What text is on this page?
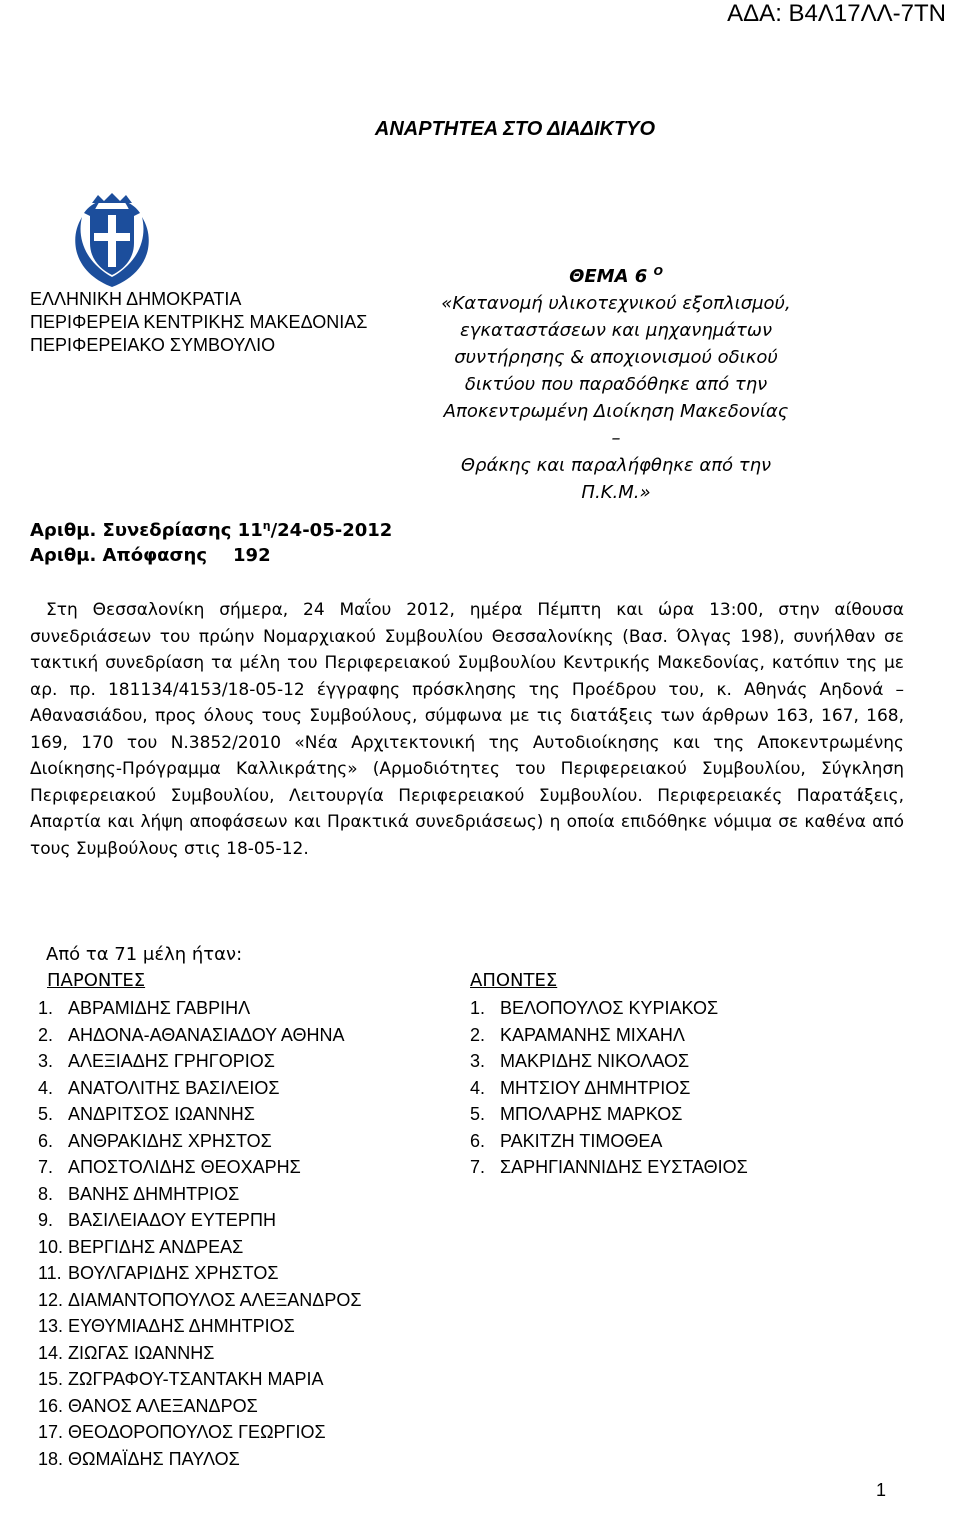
ΑΔΑ: Β4Λ17ΛΛ-7ΤΝ
ΑΝΑΡΤΗΤΕΑ ΣΤΟ ΔΙΑΔΙΚΤΥΟ
ΕΛΛΗΝΙΚΗ ΔΗΜΟΚΡΑΤΙΑ
ΠΕΡΙΦΕΡΕΙΑ ΚΕΝΤΡΙΚΗΣ ΜΑΚΕΔΟΝΙΑΣ
ΠΕΡΙΦΕΡΕΙΑΚΟ ΣΥΜΒΟΥΛΙΟ
ΘΕΜΑ 6 $^O$
«Κατανομή υλικοτεχνικού εξοπλισμού,
εγκαταστάσεων και μηχανημάτων
συντήρησης & αποχιονισμού οδικού
δικτύου που παραδόθηκε από την
Αποκεντρωμένη Διοίκηση Μακεδονίας –
Θράκης και παραλήφθηκε από την
Π.Κ.Μ.»
Αριθμ. Συνεδρίασης $11^\eta/24-05-2012$
Αριθμ. Απόφασης 192
Στη Θεσσαλονίκη σήμερα, 24 Μαΐου 2012, ημέρα Πέμπτη και ώρα 13:00, στην αίθουσα συνεδριάσεων του πρώην Νομαρχιακού Συμβουλίου Θεσσαλονίκης (Βασ. Όλγας 198), συνήλθαν σε τακτική συνεδρίαση τα μέλη του Περιφερειακού Συμβουλίου Κεντρικής Μακεδονίας, κατόπιν της με αρ. πρ. 181134/4153/18-05-12 έγγραφης πρόσκλησης της Προέδρου του, κ. Αθηνάς Αηδονά – Αθανασιάδου, προς όλους τους Συμβούλους, σύμφωνα με τις διατάξεις των άρθρων 163, 167, 168, 169, 170 του Ν.3852/2010 «Νέα Αρχιτεκτονική της Αυτοδιοίκησης και της Αποκεντρωμένης Διοίκησης-Πρόγραμμα Καλλικράτης» (Αρμοδιότητες του Περιφερειακού Συμβουλίου, Σύγκληση Περιφερειακού Συμβουλίου, Λειτουργία Περιφερειακού Συμβουλίου. Περιφερειακές Παρατάξεις, Απαρτία και λήψη αποφάσεων και Πρακτικά συνεδριάσεως) η οποία επιδόθηκε νόμιμα σε καθένα από τους Συμβούλους στις 18-05-12.
Από τα 71 μέλη ήταν:
ΠΑΡΟΝΤΕΣ	ΑΠΟΝΤΕΣ
1. ΑΒΡΑΜΙΔΗΣ ΓΑΒΡΙΗΛ
2. ΑΗΔΟΝΑ-ΑΘΑΝΑΣΙΑΔΟΥ ΑΘΗΝΑ
3. ΑΛΕΞΙΑΔΗΣ ΓΡΗΓΟΡΙΟΣ
4. ΑΝΑΤΟΛΙΤΗΣ ΒΑΣΙΛΕΙΟΣ
5. ΑΝΔΡΙΤΣΟΣ ΙΩΑΝΝΗΣ
6. ΑΝΘΡΑΚΙΔΗΣ ΧΡΗΣΤΟΣ
7. ΑΠΟΣΤΟΛΙΔΗΣ ΘΕΟΧΑΡΗΣ
8. ΒΑΝΗΣ ΔΗΜΗΤΡΙΟΣ
9. ΒΑΣΙΛΕΙΑΔΟΥ ΕΥΤΕΡΠΗ
10. ΒΕΡΓΙΔΗΣ ΑΝΔΡΕΑΣ
11. ΒΟΥΛΓΑΡΙΔΗΣ ΧΡΗΣΤΟΣ
12. ΔΙΑΜΑΝΤΟΠΟΥΛΟΣ ΑΛΕΞΑΝΔΡΟΣ
13. ΕΥΘΥΜΙΑΔΗΣ ΔΗΜΗΤΡΙΟΣ
14. ΖΙΩΓΑΣ ΙΩΑΝΝΗΣ
15. ΖΩΓΡΑΦΟΥ-ΤΣΑΝΤΑΚΗ ΜΑΡΙΑ
16. ΘΑΝΟΣ ΑΛΕΞΑΝΔΡΟΣ
17. ΘΕΟΔΟΡΟΠΟΥΛΟΣ ΓΕΩΡΓΙΟΣ
18. ΘΩΜΑΪΔΗΣ ΠΑΥΛΟΣ
1. ΒΕΛΟΠΟΥΛΟΣ ΚΥΡΙΑΚΟΣ
2. ΚΑΡΑΜΑΝΗΣ ΜΙΧΑΗΛ
3. ΜΑΚΡΙΔΗΣ ΝΙΚΟΛΑΟΣ
4. ΜΗΤΣΙΟΥ ΔΗΜΗΤΡΙΟΣ
5. ΜΠΟΛΑΡΗΣ ΜΑΡΚΟΣ
6. ΡΑΚΙΤΖΗ ΤΙΜΟΘΕΑ
7. ΣΑΡΗΓΙΑΝΝΙΔΗΣ ΕΥΣΤΑΘΙΟΣ
1
